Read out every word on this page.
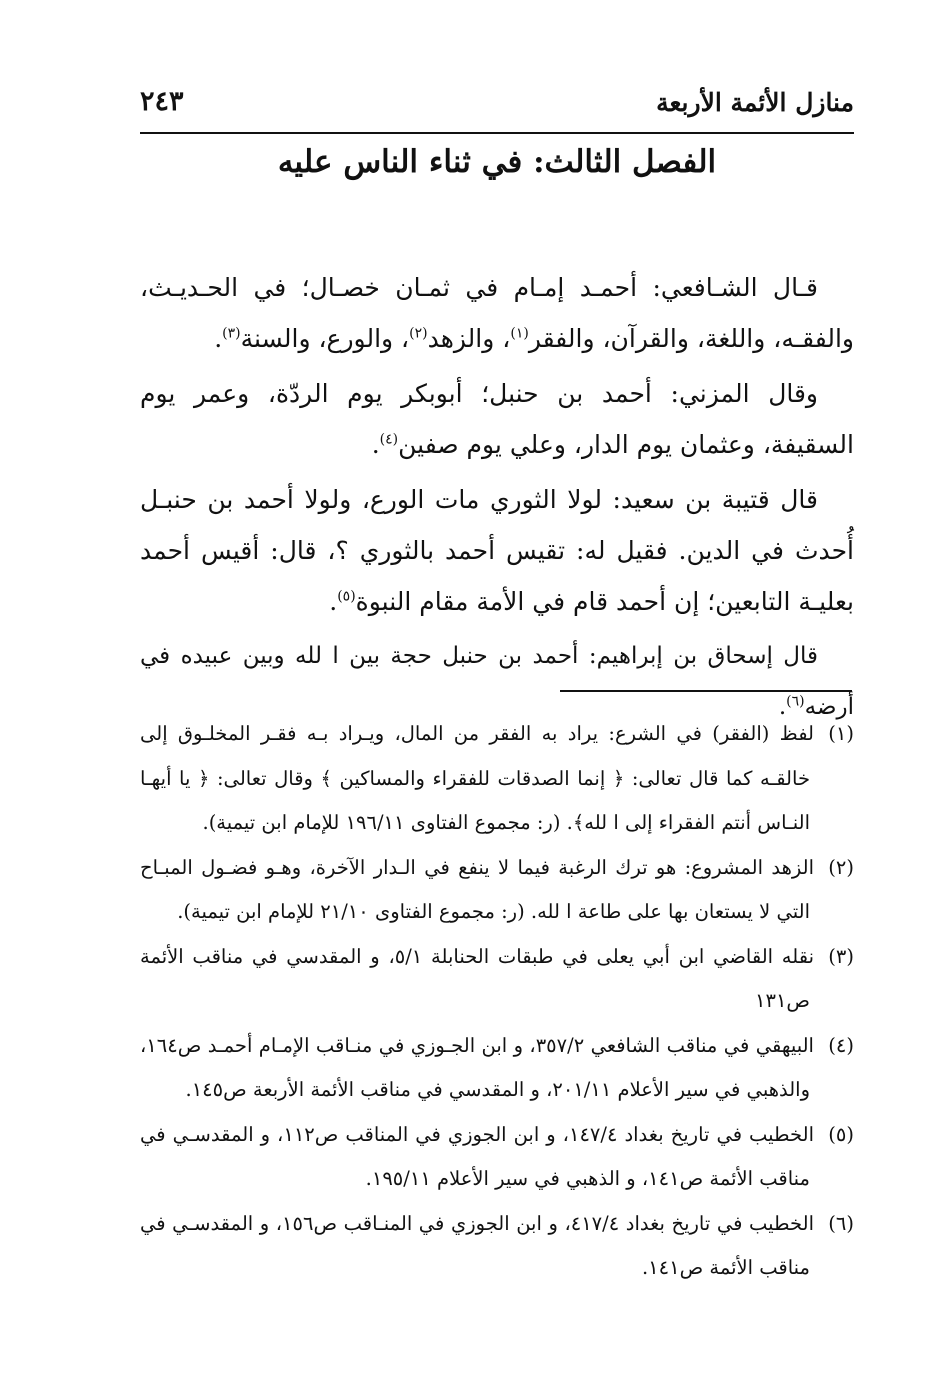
منازل الأئمة الأربعة
٢٤٣
الفصل الثالث: في ثناء الناس عليه

قـال الشـافعي: أحمـد إمـام في ثمـان خصـال؛ في الحـديـث، والفقـه، واللغة، والقرآن، والفقر$^{(١)}$، والزهد$^{(٢)}$، والورع، والسنة$^{(٣)}$.

وقال المزني: أحمد بن حنبل؛ أبوبكر يوم الردّة، وعمر يوم السقيفة، وعثمان يوم الدار، وعلي يوم صفين$^{(٤)}$.

قال قتيبة بن سعيد: لولا الثوري مات الورع، ولولا أحمد بن حنبـل أُحدث في الدين. فقيل له: تقيس أحمد بالثوري ؟، قال: أقيس أحمد بعليـة التابعين؛ إن أحمد قام في الأمة مقام النبوة$^{(٥)}$.

قال إسحاق بن إبراهيم: أحمد بن حنبل حجة بين ا لله وبين عبيده في أرضه$^{(٦)}$.

(١)لفظ (الفقر) في الشرع: يراد به الفقر من المال، ويـراد بـه فقـر المخلـوق إلى خالقـه كما قال تعالى: ﴿ إنما الصدقات للفقراء والمساكين ﴾ وقال تعالى: ﴿ يا أيهـا النـاس أنتم الفقراء إلى ا لله﴾. (ر: مجموع الفتاوى ١٩٦/١١ للإمام ابن تيمية).

(٢)الزهد المشروع: هو ترك الرغبة فيما لا ينفع في الـدار الآخرة، وهـو فضـول المبـاح التي لا يستعان بها على طاعة ا لله. (ر: مجموع الفتاوى ٢١/١٠ للإمام ابن تيمية).

(٣)نقله القاضي ابن أبي يعلى في طبقات الحنابلة ٥/١، و المقدسي في مناقب الأئمة ص١٣١

(٤)البيهقي في مناقب الشافعي ٣٥٧/٢، و ابن الجـوزي في منـاقب الإمـام أحمـد ص١٦٤، والذهبي في سير الأعلام ٢٠١/١١، و المقدسي في مناقب الأئمة الأربعة ص١٤٥.

(٥)الخطيب في تاريخ بغداد ١٤٧/٤، و ابن الجوزي في المناقب ص١١٢، و المقدسـي في مناقب الأئمة ص١٤١، و الذهبي في سير الأعلام ١٩٥/١١.

(٦)الخطيب في تاريخ بغداد ٤١٧/٤، و ابن الجوزي في المنـاقب ص١٥٦، و المقدسـي في مناقب الأئمة ص١٤١.
